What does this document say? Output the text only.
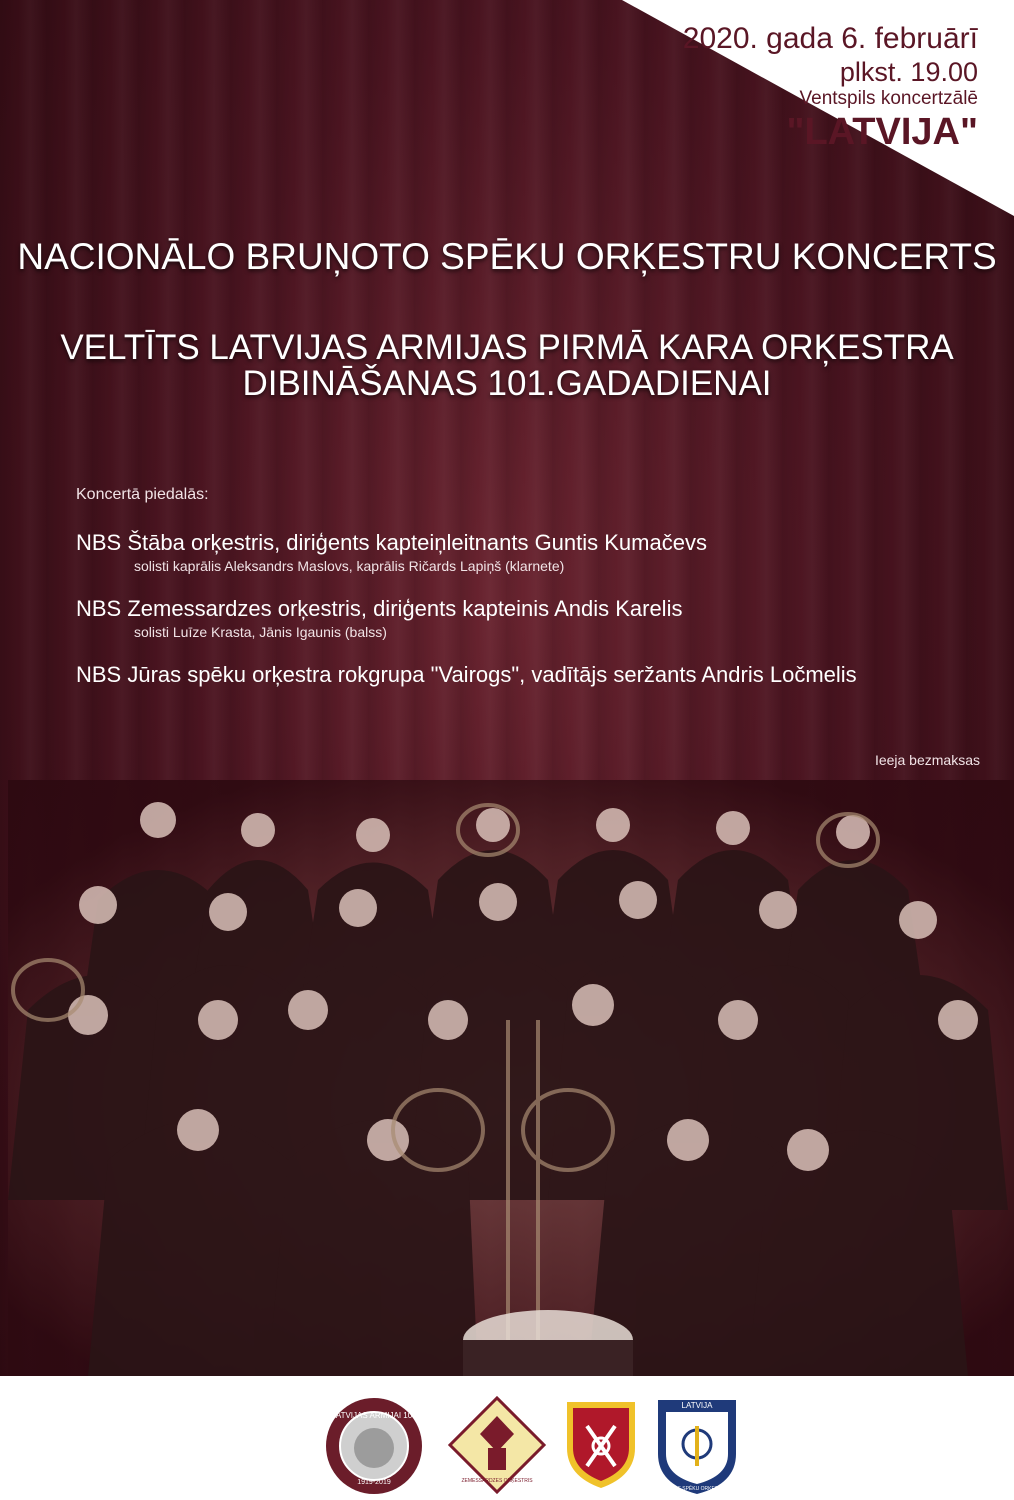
2020. gada 6. februārī
plkst. 19.00
Ventspils koncertzālē
"LATVIJA"
NACIONĀLO BRUŅOTO SPĒKU ORĶESTRU KONCERTS
VELTĪTS LATVIJAS ARMIJAS PIRMĀ KARA ORĶESTRA
DIBINĀŠANAS 101.GADADIENAI
Koncertā piedalās:
NBS Štāba orķestris, diriģents kapteiņleitnants Guntis Kumačevs
solisti kaprālis Aleksandrs Maslovs, kaprālis Ričards Lapiņš (klarnete)
NBS Zemessardzes orķestris, diriģents kapteinis Andis Karelis
solisti Luīze Krasta, Jānis Igaunis (balss)
NBS Jūras spēku orķestra rokgrupa "Vairogs", vadītājs seržants Andris Ločmelis
Ieeja bezmaksas
LATVIJAS ARMIJAI 100
1919-2019	ZEMESSARDZES ORĶESTRIS
LATVIJA
JŪRAS SPĒKU ORĶESTRIS
